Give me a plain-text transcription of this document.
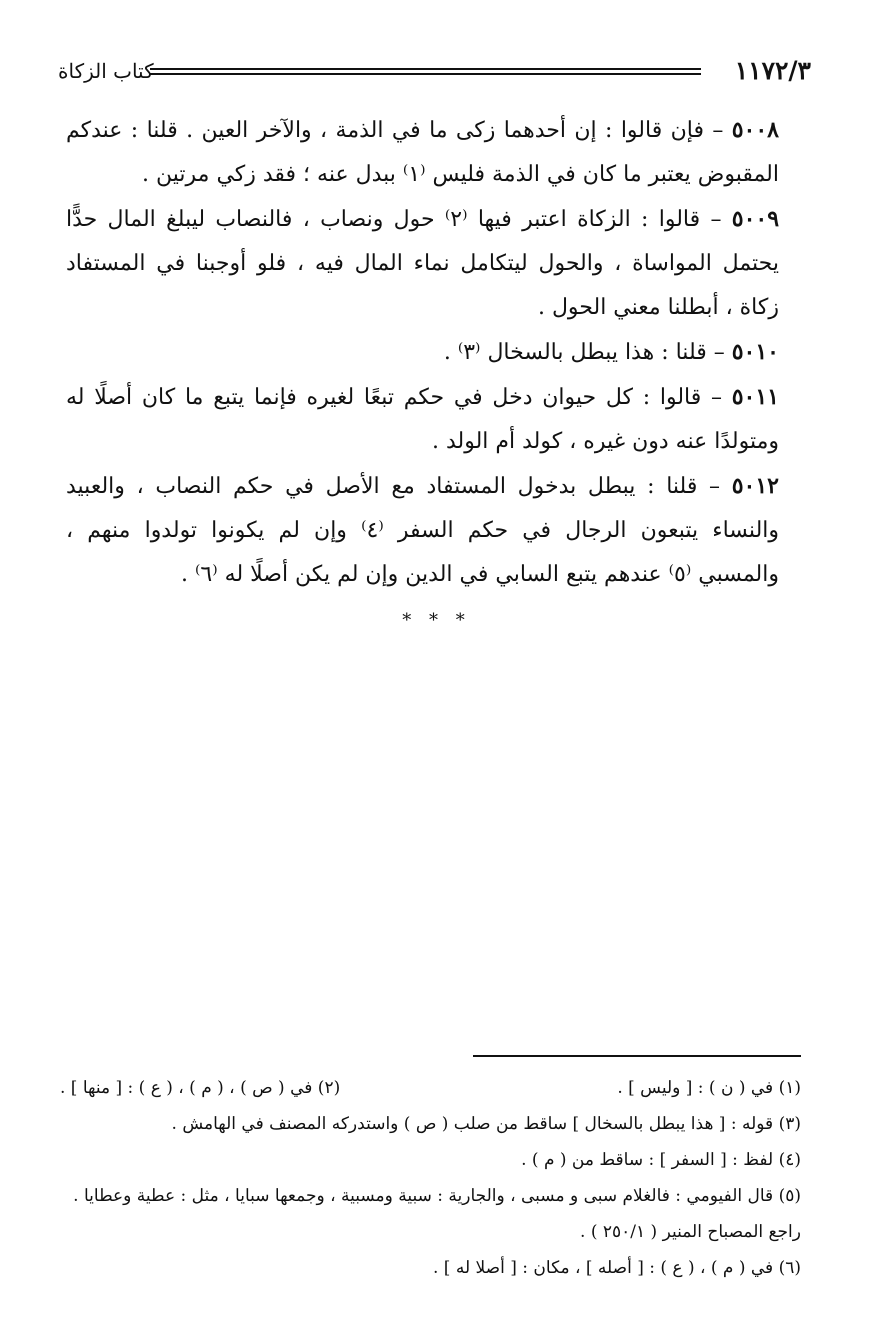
١١٧٢/٣
كتاب الزكاة

٥٠٠٨ – فإن قالوا : إن أحدهما زكى ما في الذمة ، والآخر العين . قلنا : عندكم المقبوض يعتبر ما كان في الذمة فليس ⁽١⁾ ببدل عنه ؛ فقد زكي مرتين .

٥٠٠٩ – قالوا : الزكاة اعتبر فيها ⁽٢⁾ حول ونصاب ، فالنصاب ليبلغ المال حدًّا يحتمل المواساة ، والحول ليتكامل نماء المال فيه ، فلو أوجبنا في المستفاد زكاة ، أبطلنا معني الحول .

٥٠١٠ – قلنا : هذا يبطل بالسخال ⁽٣⁾ .

٥٠١١ – قالوا : كل حيوان دخل في حكم تبعًا لغيره فإنما يتبع ما كان أصلًا له ومتولدًا عنه دون غيره ، كولد أم الولد .

٥٠١٢ – قلنا : يبطل بدخول المستفاد مع الأصل في حكم النصاب ، والعبيد والنساء يتبعون الرجال في حكم السفر ⁽٤⁾ وإن لم يكونوا تولدوا منهم ، والمسبي ⁽٥⁾ عندهم يتبع السابي في الدين وإن لم يكن أصلًا له ⁽٦⁾ .

* * *
(١) في ( ن ) : [ وليس ] .
(٢) في ( ص ) ، ( م ) ، ( ع ) : [ منها ] .
(٣) قوله : [ هذا يبطل بالسخال ] ساقط من صلب ( ص ) واستدركه المصنف في الهامش .
(٤) لفظ : [ السفر ] : ساقط من ( م ) .
(٥) قال الفيومي : فالغلام سبى و مسبى ، والجارية : سبية ومسبية ، وجمعها سبايا ، مثل : عطية وعطايا .
راجع المصباح المنير ( ٢٥٠/١ ) .
(٦) في ( م ) ، ( ع ) : [ أصله ] ، مكان : [ أصلا له ] .
